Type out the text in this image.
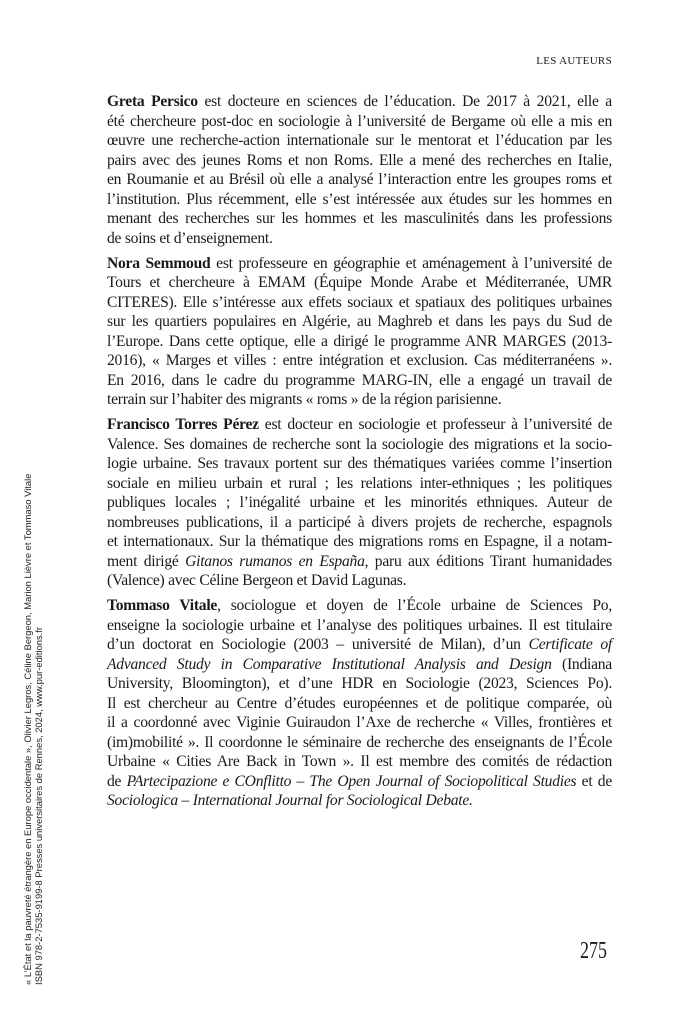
LES AUTEURS
Greta Persico est docteure en sciences de l’éducation. De 2017 à 2021, elle a
été chercheure post-doc en sociologie à l’université de Bergame où elle a mis en
œuvre une recherche-action internationale sur le mentorat et l’éducation par les
pairs avec des jeunes Roms et non Roms. Elle a mené des recherches en Italie,
en Roumanie et au Brésil où elle a analysé l’interaction entre les groupes roms et
l’institution. Plus récemment, elle s’est intéressée aux études sur les hommes en
menant des recherches sur les hommes et les masculinités dans les professions
de soins et d’enseignement.
Nora Semmoud est professeure en géographie et aménagement à l’université de
Tours et chercheure à EMAM (Équipe Monde Arabe et Méditerranée, UMR
CITERES). Elle s’intéresse aux effets sociaux et spatiaux des politiques urbaines
sur les quartiers populaires en Algérie, au Maghreb et dans les pays du Sud de
l’Europe. Dans cette optique, elle a dirigé le programme ANR MARGES (2013-
2016), « Marges et villes : entre intégration et exclusion. Cas méditerranéens ».
En 2016, dans le cadre du programme MARG-IN, elle a engagé un travail de
terrain sur l’habiter des migrants « roms » de la région parisienne.
Francisco Torres Pérez est docteur en sociologie et professeur à l’université de
Valence. Ses domaines de recherche sont la sociologie des migrations et la socio-
logie urbaine. Ses travaux portent sur des thématiques variées comme l’insertion
sociale en milieu urbain et rural ; les relations inter-ethniques ; les politiques
publiques locales ; l’inégalité urbaine et les minorités ethniques. Auteur de
nombreuses publications, il a participé à divers projets de recherche, espagnols
et internationaux. Sur la thématique des migrations roms en Espagne, il a notam-
ment dirigé Gitanos rumanos en España, paru aux éditions Tirant humanidades
(Valence) avec Céline Bergeon et David Lagunas.
Tommaso Vitale, sociologue et doyen de l’École urbaine de Sciences Po,
enseigne la sociologie urbaine et l’analyse des politiques urbaines. Il est titulaire
d’un doctorat en Sociologie (2003 – université de Milan), d’un Certificate of
Advanced Study in Comparative Institutional Analysis and Design (Indiana
University, Bloomington), et d’une HDR en Sociologie (2023, Sciences Po).
Il est chercheur au Centre d’études européennes et de politique comparée, où
il a coordonné avec Viginie Guiraudon l’Axe de recherche « Villes, frontières et
(im)mobilité ». Il coordonne le séminaire de recherche des enseignants de l’École
Urbaine « Cities Are Back in Town ». Il est membre des comités de rédaction
de PArtecipazione e COnflitto – The Open Journal of Sociopolitical Studies et de
Sociologica – International Journal for Sociological Debate.
« L’État et la pauvreté étrangère en Europe occidentale », Olivier Legros, Céline Bergeon, Marion Lièvre et Tommaso Vitale ISBN 978-2-7535-9199-8 Presses universitaires de Rennes, 2024, www.pur-editions.fr	275
